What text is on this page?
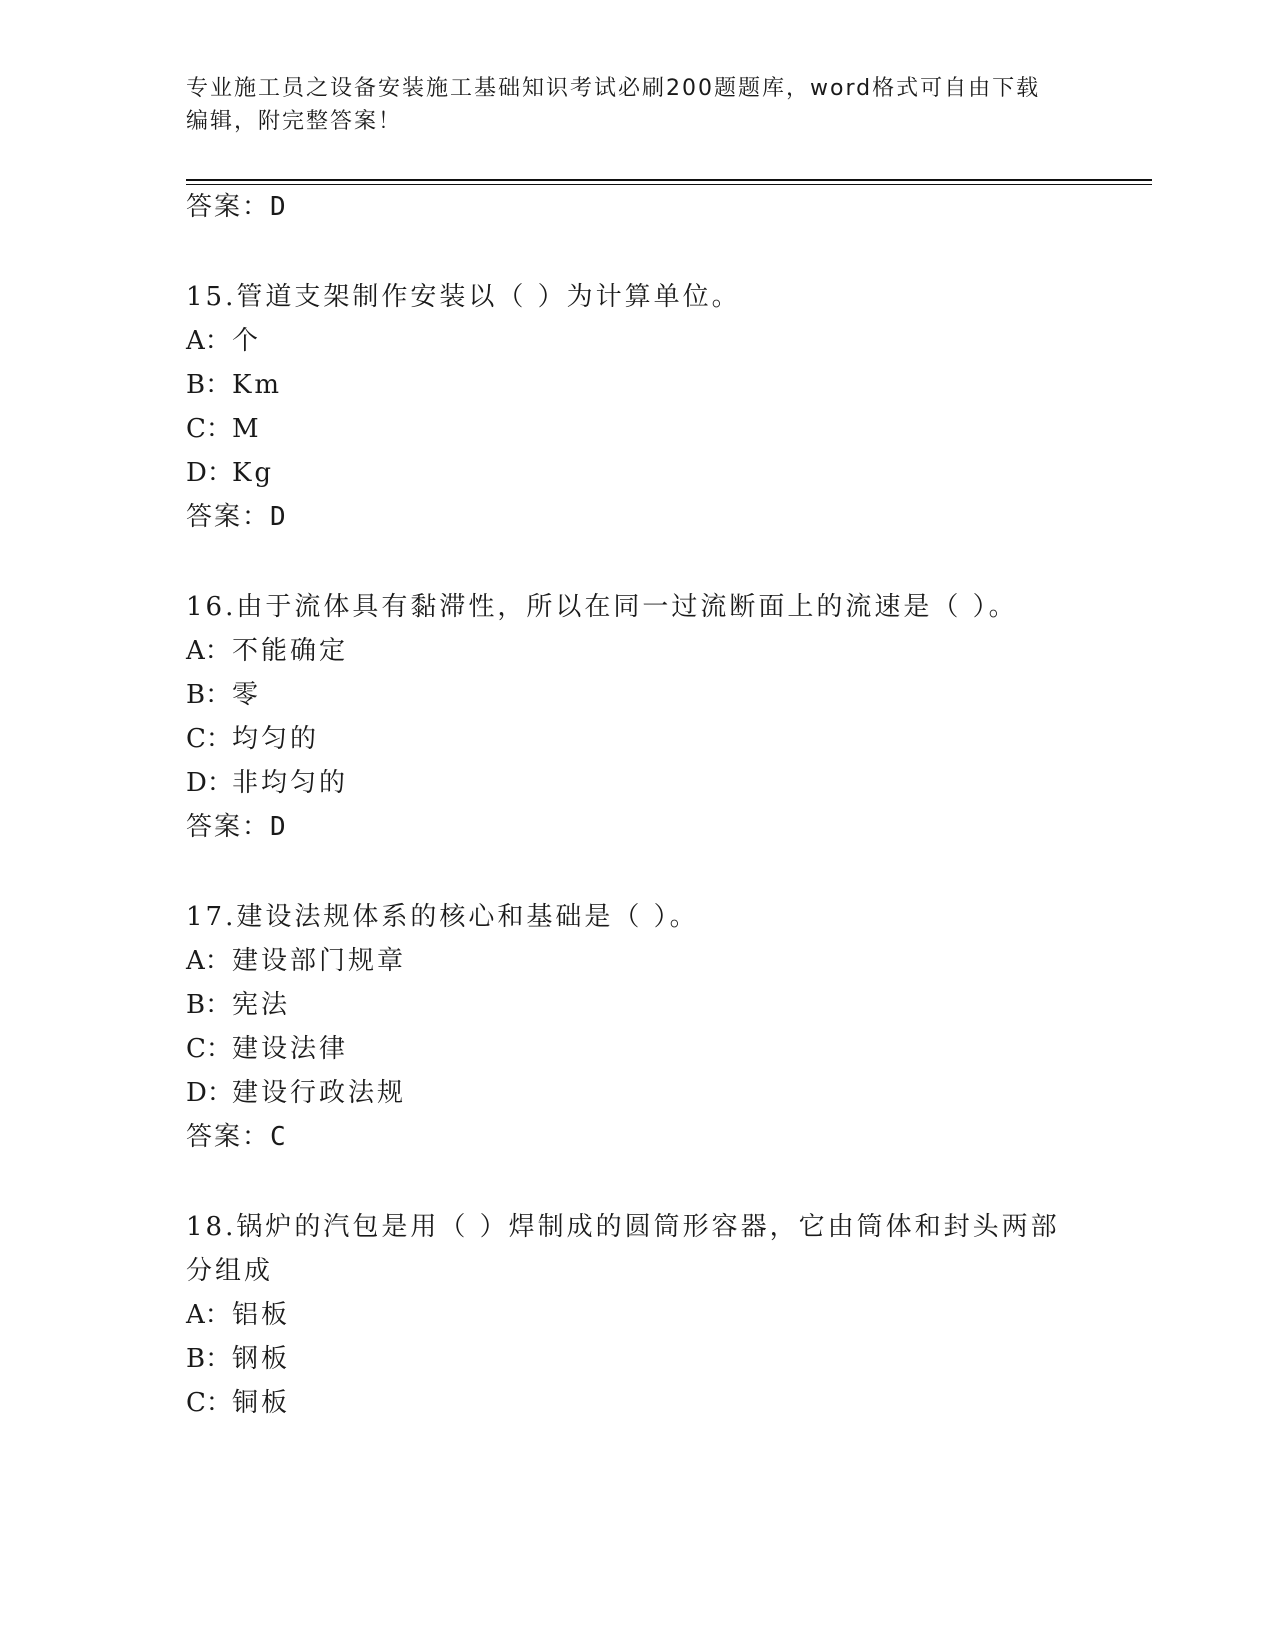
专业施工员之设备安装施工基础知识考试必刷200题题库，word格式可自由下载
编辑，附完整答案！
答案：D
15.管道支架制作安装以（ ）为计算单位。
A：个
B：Km
C：M
D：Kg
答案：D
16.由于流体具有黏滞性，所以在同一过流断面上的流速是（ ）。
A：不能确定
B：零
C：均匀的
D：非均匀的
答案：D
17.建设法规体系的核心和基础是（ ）。
A：建设部门规章
B：宪法
C：建设法律
D：建设行政法规
答案：C
18.锅炉的汽包是用（ ）焊制成的圆筒形容器，它由筒体和封头两部
分组成
A：铝板
B：钢板
C：铜板
